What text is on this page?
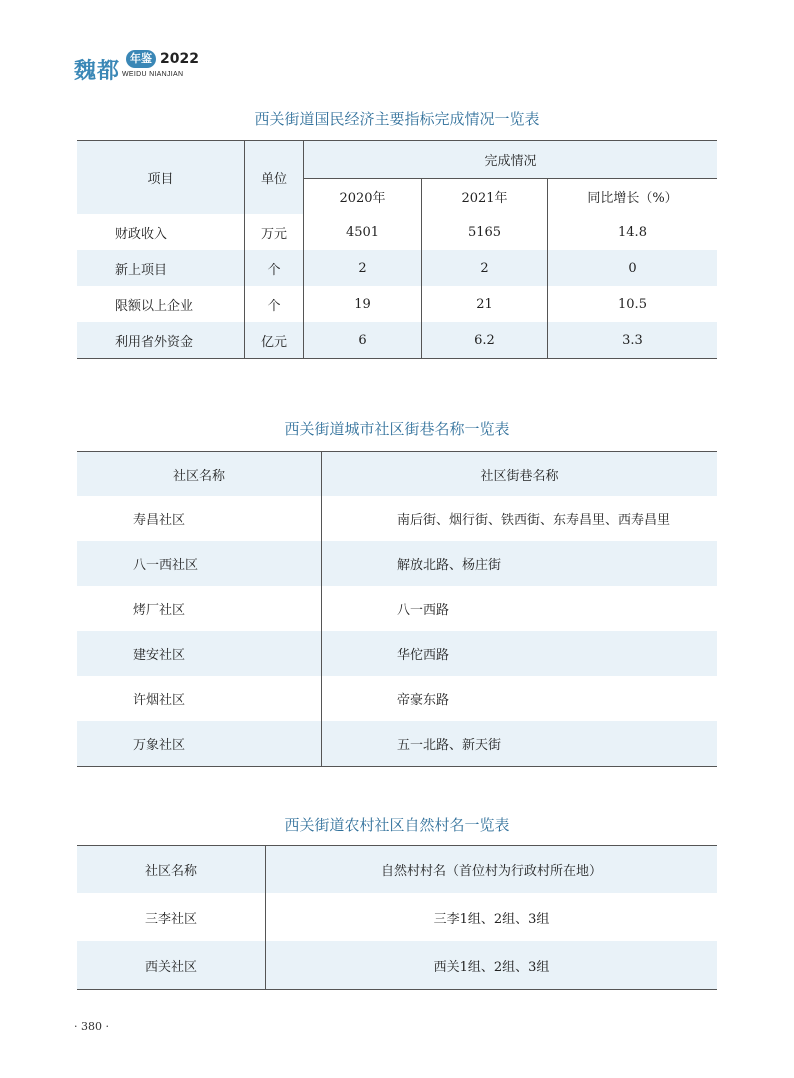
魏都
年鉴 2022
WEIDU NIANJIAN
西关街道国民经济主要指标完成情况一览表
项目	单位	完成情况		
		2020年	2021年	同比增长（%）
财政收入	万元	4501	5165	14.8
新上项目	个	2	2	0
限额以上企业	个	19	21	10.5
利用省外资金	亿元	6	6.2	3.3
西关街道城市社区街巷名称一览表
社区名称	社区街巷名称
寿昌社区	南后街、烟行街、铁西街、东寿昌里、西寿昌里
八一西社区	解放北路、杨庄街
烤厂社区	八一西路
建安社区	华佗西路
许烟社区	帝豪东路
万象社区	五一北路、新天街
西关街道农村社区自然村名一览表
社区名称	自然村村名（首位村为行政村所在地）
三李社区	三李1组、2组、3组
西关社区	西关1组、2组、3组
· 380 ·
